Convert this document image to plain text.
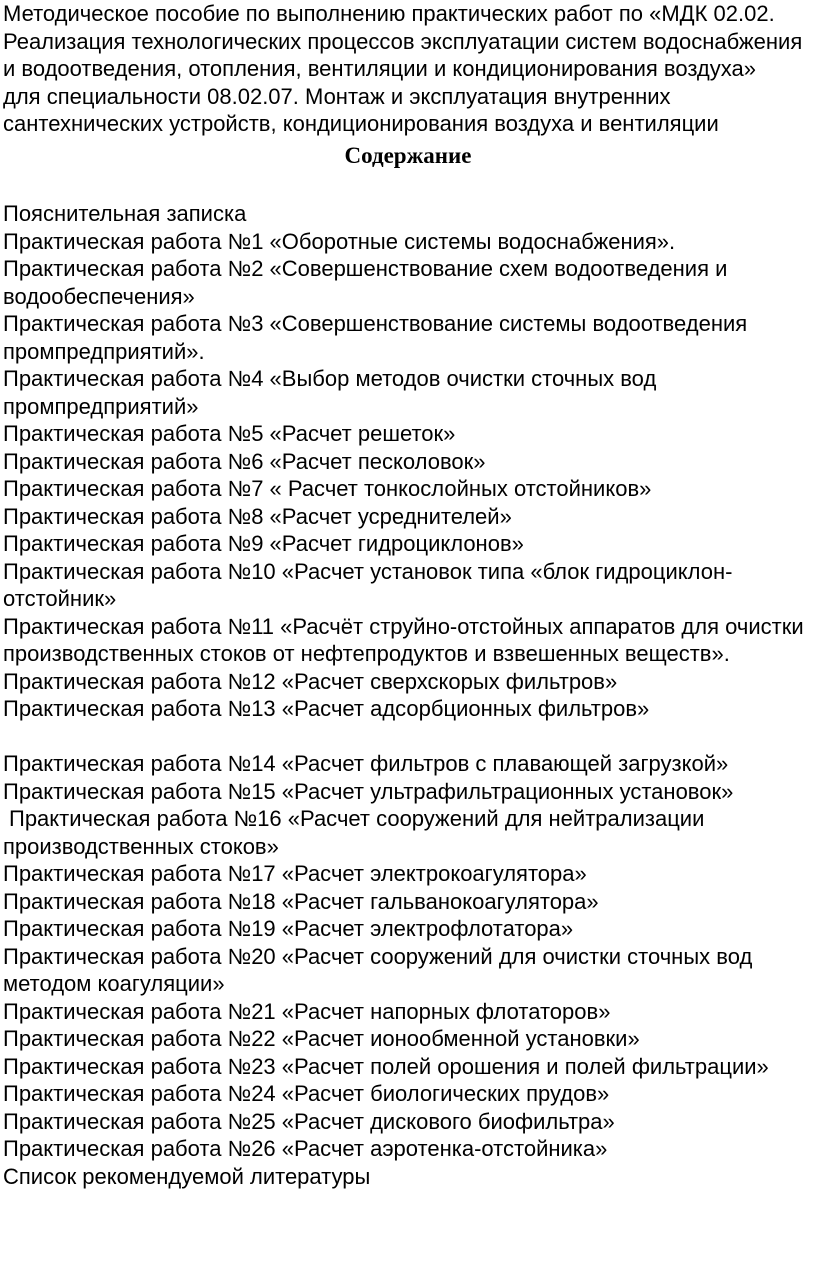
Методическое пособие по выполнению практических работ по «МДК 02.02.
Реализация технологических процессов эксплуатации систем водоснабжения
и водоотведения, отопления, вентиляции и кондиционирования воздуха»
для специальности 08.02.07. Монтаж и эксплуатация внутренних
сантехнических устройств, кондиционирования воздуха и вентиляции
Содержание
Пояснительная записка
Практическая работа №1 «Оборотные системы водоснабжения».
Практическая работа №2 «Совершенствование схем водоотведения и
водообеспечения»
Практическая работа №3 «Совершенствование системы водоотведения
промпредприятий».
Практическая работа №4 «Выбор методов очистки сточных вод
промпредприятий»
Практическая работа №5 «Расчет решеток»
Практическая работа №6 «Расчет песколовок»
Практическая работа №7 « Расчет тонкослойных отстойников»
Практическая работа №8 «Расчет усреднителей»
Практическая работа №9 «Расчет гидроциклонов»
Практическая работа №10 «Расчет установок типа «блок гидроциклон-
отстойник»
Практическая работа №11 «Расчёт струйно-отстойных аппаратов для очистки
производственных стоков от нефтепродуктов и взвешенных веществ».
Практическая работа №12 «Расчет сверхскорых фильтров»
Практическая работа №13 «Расчет адсорбционных фильтров»
Практическая работа №14 «Расчет фильтров с плавающей загрузкой»
Практическая работа №15 «Расчет ультрафильтрационных установок»
Практическая работа №16 «Расчет сооружений для нейтрализации
производственных стоков»
Практическая работа №17 «Расчет электрокоагулятора»
Практическая работа №18 «Расчет гальванокоагулятора»
Практическая работа №19 «Расчет электрофлотатора»
Практическая работа №20 «Расчет сооружений для очистки сточных вод
методом коагуляции»
Практическая работа №21 «Расчет напорных флотаторов»
Практическая работа №22 «Расчет ионообменной установки»
Практическая работа №23 «Расчет полей орошения и полей фильтрации»
Практическая работа №24 «Расчет биологических прудов»
Практическая работа №25 «Расчет дискового биофильтра»
Практическая работа №26 «Расчет аэротенка-отстойника»
Список рекомендуемой литературы
